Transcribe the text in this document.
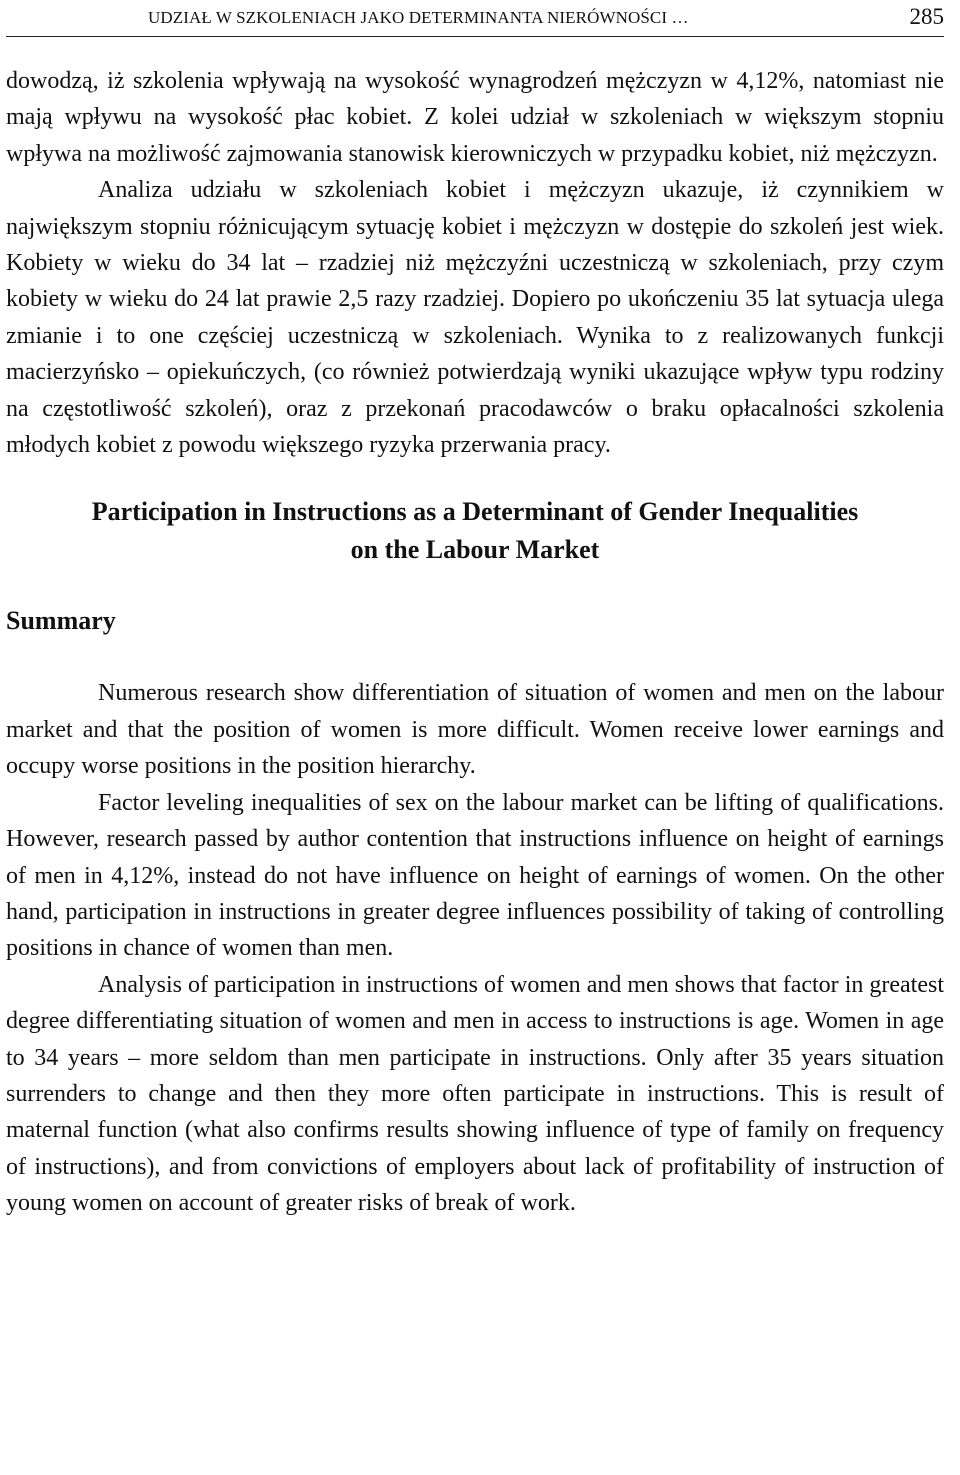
UDZIAŁ W SZKOLENIACH JAKO DETERMINANTA NIERÓWNOŚCI …	285

dowodzą, iż szkolenia wpływają na wysokość wynagrodzeń mężczyzn w 4,12%, natomiast nie mają wpływu na wysokość płac kobiet. Z kolei udział w szkoleniach w większym stopniu wpływa na możliwość zajmowania stanowisk kierowniczych w przypadku kobiet, niż mężczyzn.

Analiza udziału w szkoleniach kobiet i mężczyzn ukazuje, iż czynnikiem w największym stopniu różnicującym sytuację kobiet i mężczyzn w dostępie do szkoleń jest wiek. Kobiety w wieku do 34 lat – rzadziej niż mężczyźni uczestniczą w szkoleniach, przy czym kobiety w wieku do 24 lat prawie 2,5 razy rzadziej. Dopiero po ukończeniu 35 lat sytuacja ulega zmianie i to one częściej uczestniczą w szkoleniach. Wynika to z realizowanych funkcji macierzyńsko – opiekuńczych, (co również potwierdzają wyniki ukazujące wpływ typu rodziny na częstotliwość szkoleń), oraz z przekonań pracodawców o braku opłacalności szkolenia młodych kobiet z powodu większego ryzyka przerwania pracy.

Participation in Instructions as a Determinant of Gender Inequalities
on the Labour Market
Summary

Numerous research show differentiation of situation of women and men on the labour market and that the position of women is more difficult. Women receive lower earnings and occupy worse positions in the position hierarchy.

Factor leveling inequalities of sex on the labour market can be lifting of qualifications. However, research passed by author contention that instructions influence on height of earnings of men in 4,12%, instead do not have influence on height of earnings of women. On the other hand, participation in instructions in greater degree influences possibility of taking of controlling positions in chance of women than men.

Analysis of participation in instructions of women and men shows that factor in greatest degree differentiating situation of women and men in access to instructions is age. Women in age to 34 years – more seldom than men participate in instructions. Only after 35 years situation surrenders to change and then they more often participate in instructions. This is result of maternal function (what also confirms results showing influence of type of family on frequency of instructions), and from convictions of employers about lack of profitability of instruction of young women on account of greater risks of break of work.
